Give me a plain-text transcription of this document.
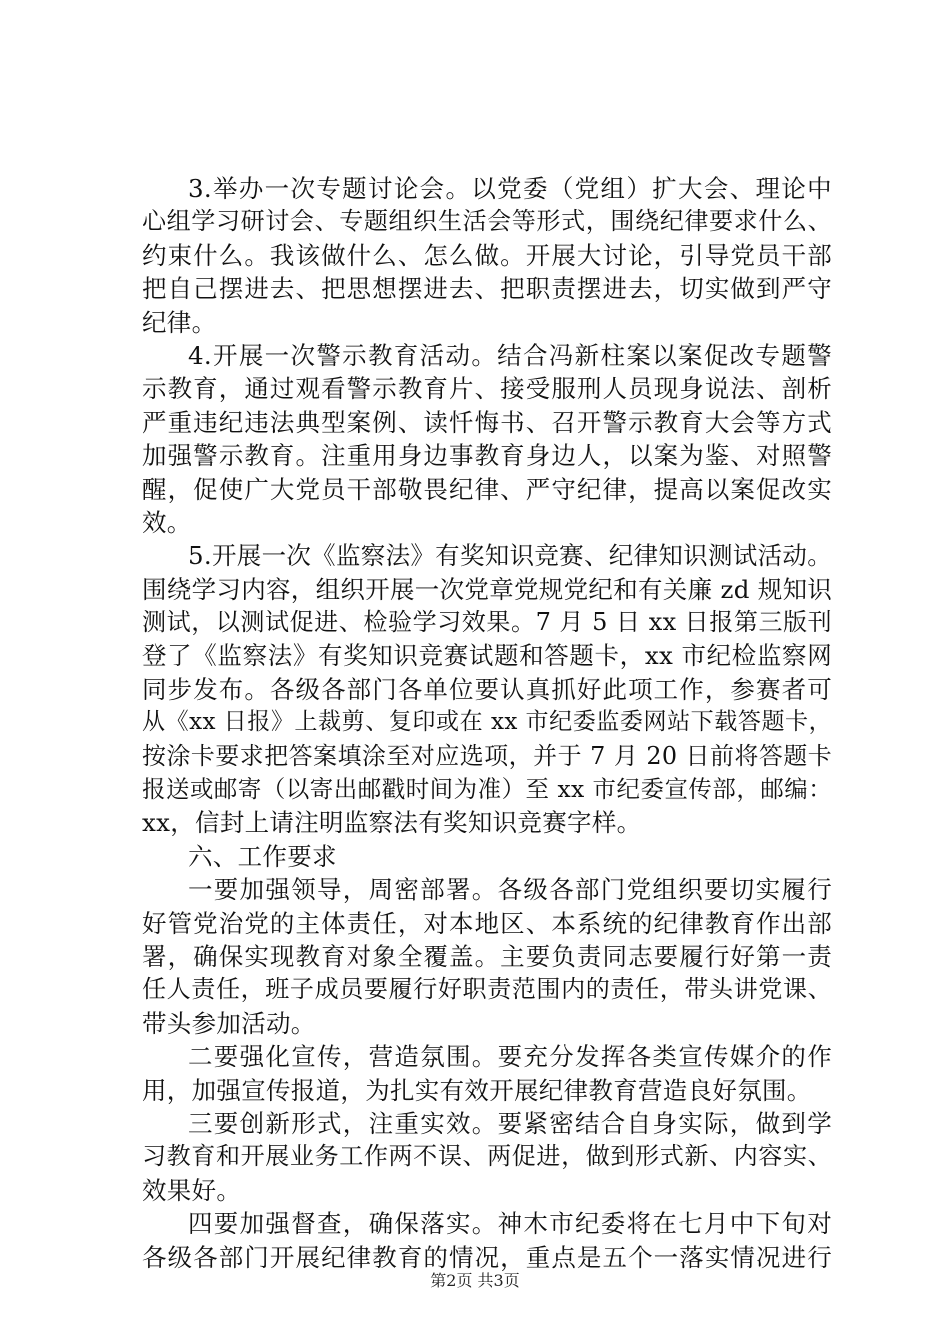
3.举办一次专题讨论会。以党委（党组）扩大会、理论中
心组学习研讨会、专题组织生活会等形式，围绕纪律要求什么、
约束什么。我该做什么、怎么做。开展大讨论，引导党员干部
把自己摆进去、把思想摆进去、把职责摆进去，切实做到严守
纪律。
4.开展一次警示教育活动。结合冯新柱案以案促改专题警
示教育，通过观看警示教育片、接受服刑人员现身说法、剖析
严重违纪违法典型案例、读忏悔书、召开警示教育大会等方式
加强警示教育。注重用身边事教育身边人，以案为鉴、对照警
醒，促使广大党员干部敬畏纪律、严守纪律，提高以案促改实
效。
5.开展一次《监察法》有奖知识竞赛、纪律知识测试活动。
围绕学习内容，组织开展一次党章党规党纪和有关廉 zd 规知识
测试，以测试促进、检验学习效果。7 月 5 日 xx 日报第三版刊
登了《监察法》有奖知识竞赛试题和答题卡，xx 市纪检监察网
同步发布。各级各部门各单位要认真抓好此项工作，参赛者可
从《xx 日报》上裁剪、复印或在 xx 市纪委监委网站下载答题卡，
按涂卡要求把答案填涂至对应选项，并于 7 月 20 日前将答题卡
报送或邮寄（以寄出邮戳时间为准）至 xx 市纪委宣传部，邮编：
xx，信封上请注明监察法有奖知识竞赛字样。
六、工作要求
一要加强领导，周密部署。各级各部门党组织要切实履行
好管党治党的主体责任，对本地区、本系统的纪律教育作出部
署，确保实现教育对象全覆盖。主要负责同志要履行好第一责
任人责任，班子成员要履行好职责范围内的责任，带头讲党课、
带头参加活动。
二要强化宣传，营造氛围。要充分发挥各类宣传媒介的作
用，加强宣传报道，为扎实有效开展纪律教育营造良好氛围。
三要创新形式，注重实效。要紧密结合自身实际，做到学
习教育和开展业务工作两不误、两促进，做到形式新、内容实、
效果好。
四要加强督查，确保落实。神木市纪委将在七月中下旬对
各级各部门开展纪律教育的情况，重点是五个一落实情况进行
第2页 共3页
